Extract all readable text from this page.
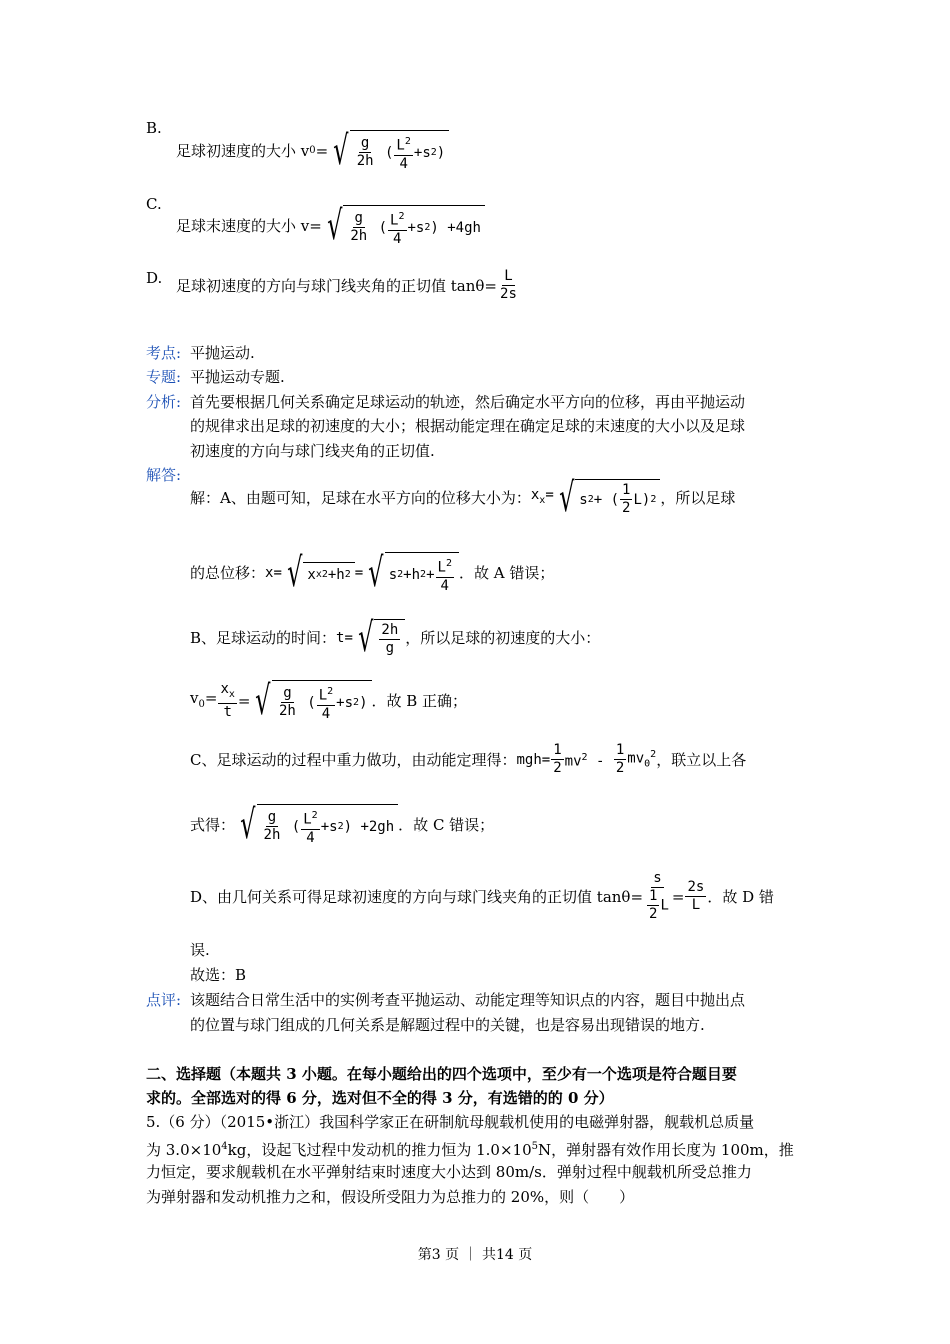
B.
足球初速度的大小 v 0 = √ g
2h
( $L^2$
4
+s 2 )
C.
足球末速度的大小 v= √ g
2h
( $L^2$
4
+s 2 ) +4gh
D. 足球初速度的方向与球门线夹角的正切值 $\tan\theta= \frac{L}{2s}$
考点: 平抛运动.
专题: 平抛运动专题.
分析: 首先要根据几何关系确定足球运动的轨迹，然后确定水平方向的位移，再由平抛运动
的规律求出足球的初速度的大小；根据动能定理在确定足球的末速度的大小以及足球
初速度的方向与球门线夹角的正切值.
解答:
解：A、由题可知，足球在水平方向的位移大小为： $x_x=$ √ s 2 + (
1
2
L) 2 ，所以足球
的总位移： x= √ x x 2 +h 2 = √ s 2 +h $2 + L^2$
4
．故 A 错误；
B、足球运动的时间： t= √ 2h
g
，所以足球的初速度的大小：
$v_0= \frac{x_x}{t}$ = √ g
2h
( $L^2$
4
+s 2 ) ．故 B 正确；
C、足球运动的过程中重力做功，由动能定理得： $mgh= \frac{1}{2} mv^2$ -
1
2
$mv_0^2$ ，联立以上各
式得： √ g
2h
( $L^2$
4
+s 2 ) +2gh ．故 C 错误；
D、由几何关系可得足球初速度的方向与球门线夹角的正切值 $\tan\theta= \frac{s}{\frac{1}{2} L}$ =
2s
L ．故 D 错
误.
故选：B
点评: 该题结合日常生活中的实例考查平抛运动、动能定理等知识点的内容，题目中抛出点
的位置与球门组成的几何关系是解题过程中的关键，也是容易出现错误的地方.
二、选择题（本题共 3 小题。在每小题给出的四个选项中，至少有一个选项是符合题目要
求的。全部选对的得 6 分，选对但不全的得 3 分，有选错的的 0 分）
5.（6 分）（2015•浙江）我国科学家正在研制航母舰载机使用的电磁弹射器，舰载机总质量
为 $3.0\times 10^4kg$，设起飞过程中发动机的推力恒为 $1.0\times 10^5N$，弹射器有效作用长度为 100m，推
力恒定，要求舰载机在水平弹射结束时速度大小达到 80m/s．弹射过程中舰载机所受总推力
为弹射器和发动机推力之和，假设所受阻力为总推力的 20%，则（　　）
第3 页 ｜ 共14 页
